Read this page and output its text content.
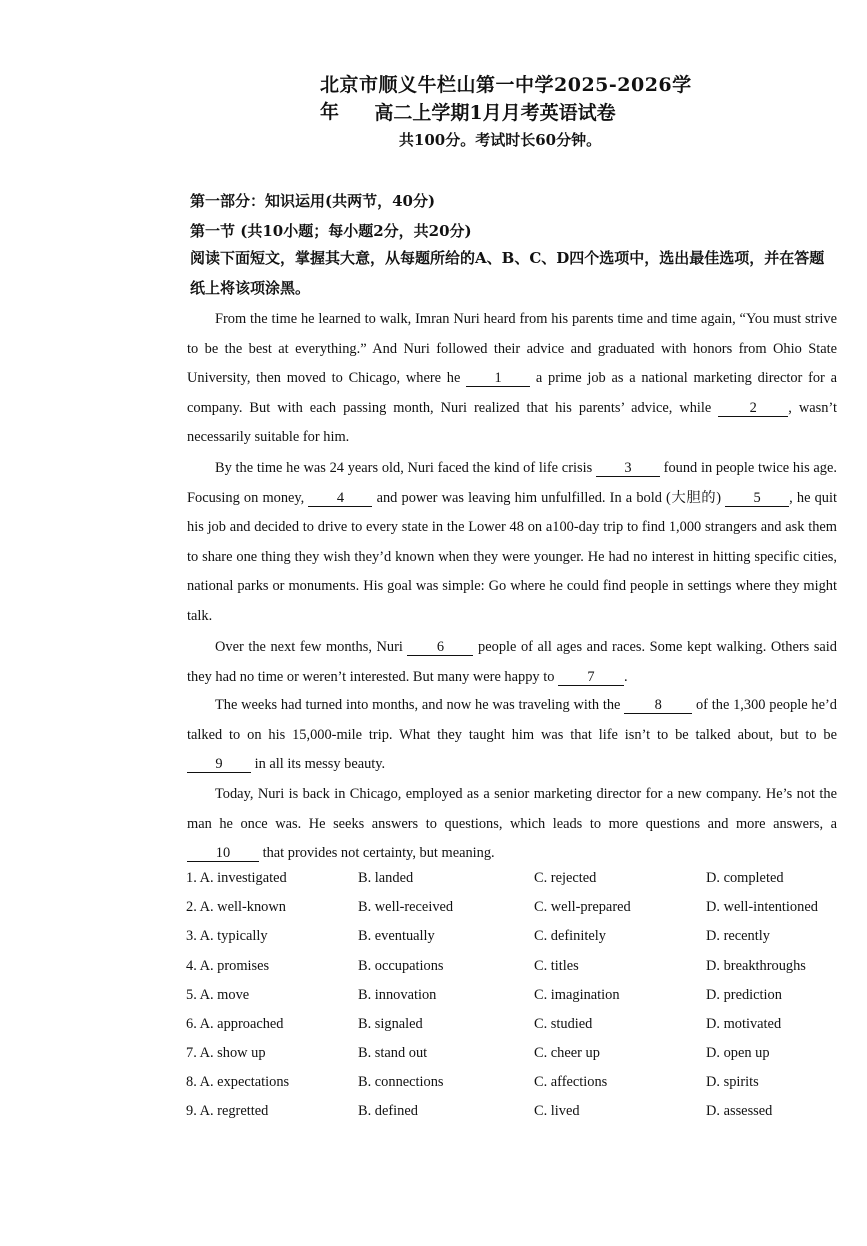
北京市顺义牛栏山第一中学2025-2026学年	高二上学期1月月考英语试卷
共100分。考试时长60分钟。
第一部分：知识运用(共两节，40分)
第一节 (共10小题；每小题2分，共20分)
阅读下面短文，掌握其大意，从每题所给的A、B、C、D四个选项中，选出最佳选项，并在答题纸上将该项涂黑。
From the time he learned to walk, Imran Nuri heard from his parents time and time again, “You must strive to be the best at everything.” And Nuri followed their advice and graduated with honors from Ohio State University, then moved to Chicago, where he 1 a prime job as a national marketing director for a company. But with each passing month, Nuri realized that his parents’ advice, while 2 , wasn’t necessarily suitable for him.
By the time he was 24 years old, Nuri faced the kind of life crisis 3 found in people twice his age. Focusing on money, 4 and power was leaving him unfulfilled. In a bold (大胆的) 5 , he quit his job and decided to drive to every state in the Lower 48 on a100-day trip to find 1,000 strangers and ask them to share one thing they wish they’d known when they were younger. He had no interest in hitting specific cities, national parks or monuments. His goal was simple: Go where he could find people in settings where they might talk.
Over the next few months, Nuri 6 people of all ages and races. Some kept walking. Others said they had no time or weren’t interested. But many were happy to 7 .
The weeks had turned into months, and now he was traveling with the 8 of the 1,300 people he’d talked to on his 15,000-mile trip. What they taught him was that life isn’t to be talked about, but to be 9 in all its messy beauty.
Today, Nuri is back in Chicago, employed as a senior marketing director for a new company. He’s not the man he once was. He seeks answers to questions, which leads to more questions and more answers, a 10 that provides not certainty, but meaning.
1. A. investigated	B. landed	C. rejected	D. completed
2. A. well-known	B. well-received	C. well-prepared	D. well-intentioned
3. A. typically	B. eventually	C. definitely	D. recently
4. A. promises	B. occupations	C. titles	D. breakthroughs
5. A. move	B. innovation	C. imagination	D. prediction
6. A. approached	B. signaled	C. studied	D. motivated
7. A. show up	B. stand out	C. cheer up	D. open up
8. A. expectations	B. connections	C. affections	D. spirits
9. A. regretted	B. defined	C. lived	D. assessed
